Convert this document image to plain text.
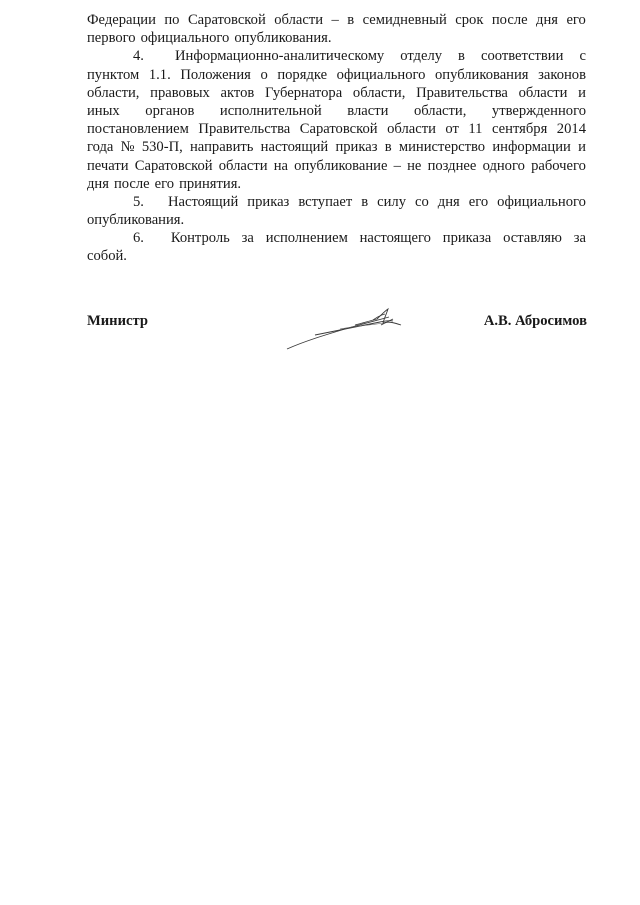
Федерации по Саратовской области – в семидневный срок после дня его
первого официального опубликования.
4.	Информационно-аналитическому отделу в соответствии с
пунктом 1.1. Положения о порядке официального опубликования законов
области, правовых актов Губернатора области, Правительства области и
иных органов исполнительной власти области, утвержденного
постановлением Правительства Саратовской области от 11 сентября 2014
года № 530-П, направить настоящий приказ в министерство информации и
печати Саратовской области на опубликование – не позднее одного рабочего
дня после его принятия.
5.	Настоящий приказ вступает в силу со дня его официального
опубликования.
6.	Контроль за исполнением настоящего приказа оставляю за
собой.
Министр	А.В. Абросимов
